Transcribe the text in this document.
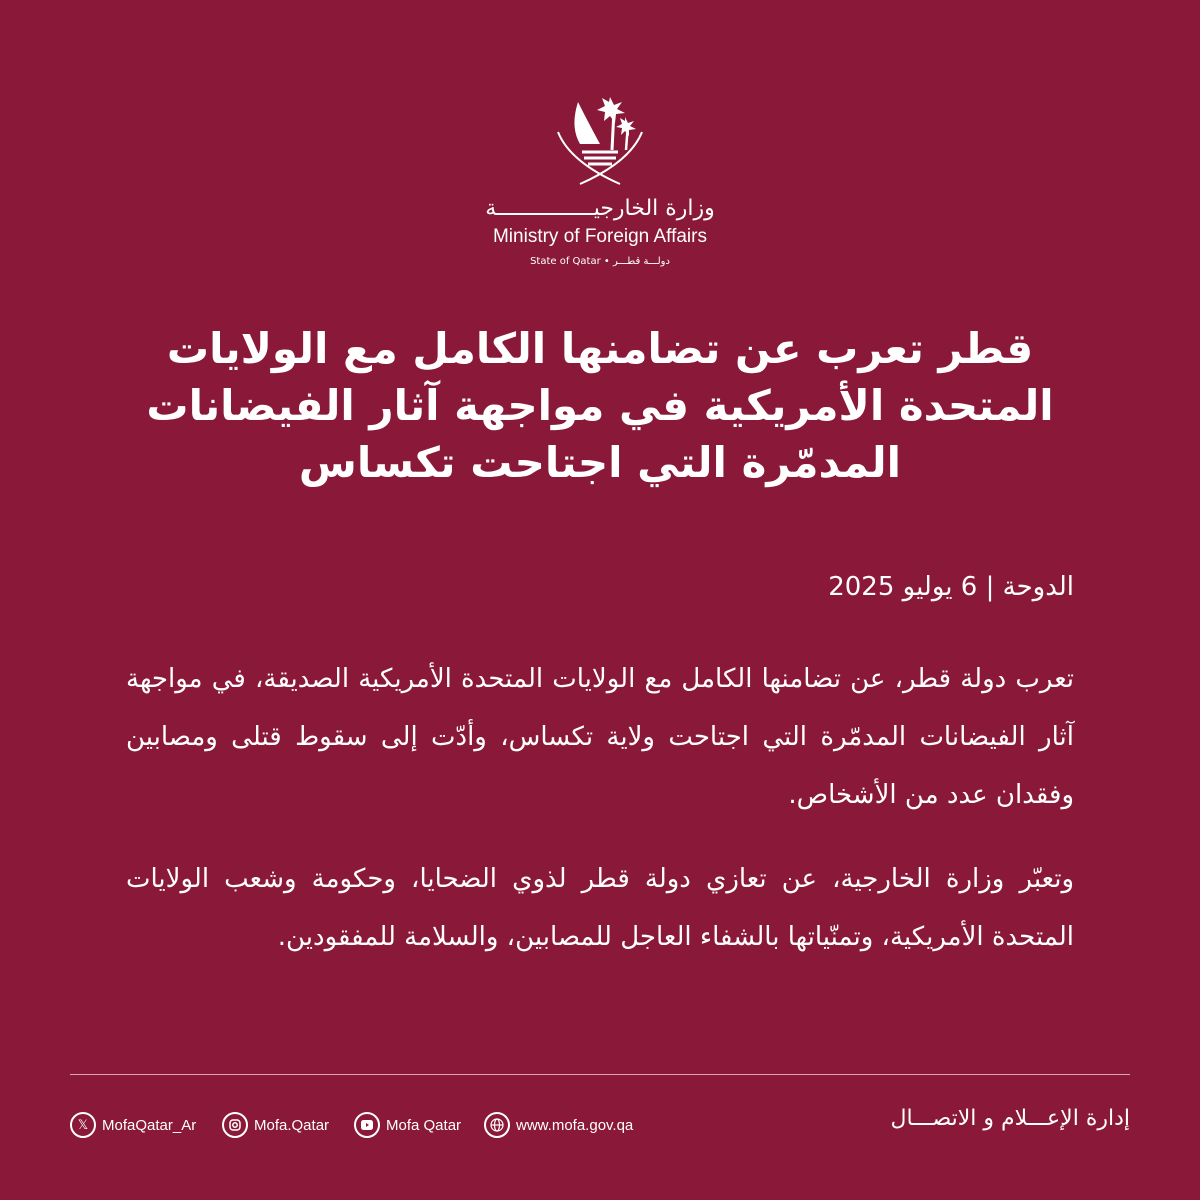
وزارة الخارجيـــــــــــــــة
Ministry of Foreign Affairs
State of Qatar • دولـــة قطـــر
قطر تعرب عن تضامنها الكامل مع الولايات المتحدة الأمريكية في مواجهة آثار الفيضانات المدمّرة التي اجتاحت تكساس
الدوحة | 6 يوليو 2025
تعرب دولة قطر، عن تضامنها الكامل مع الولايات المتحدة الأمريكية الصديقة، في مواجهة آثار الفيضانات المدمّرة التي اجتاحت ولاية تكساس، وأدّت إلى سقوط قتلى ومصابين وفقدان عدد من الأشخاص.
وتعبّر وزارة الخارجية، عن تعازي دولة قطر لذوي الضحايا، وحكومة وشعب الولايات المتحدة الأمريكية، وتمنّياتها بالشفاء العاجل للمصابين، والسلامة للمفقودين.
𝕏 MofaQatar_Ar	Mofa.Qatar	Mofa Qatar	www.mofa.gov.qa	إدارة الإعـــلام و الاتصـــال
